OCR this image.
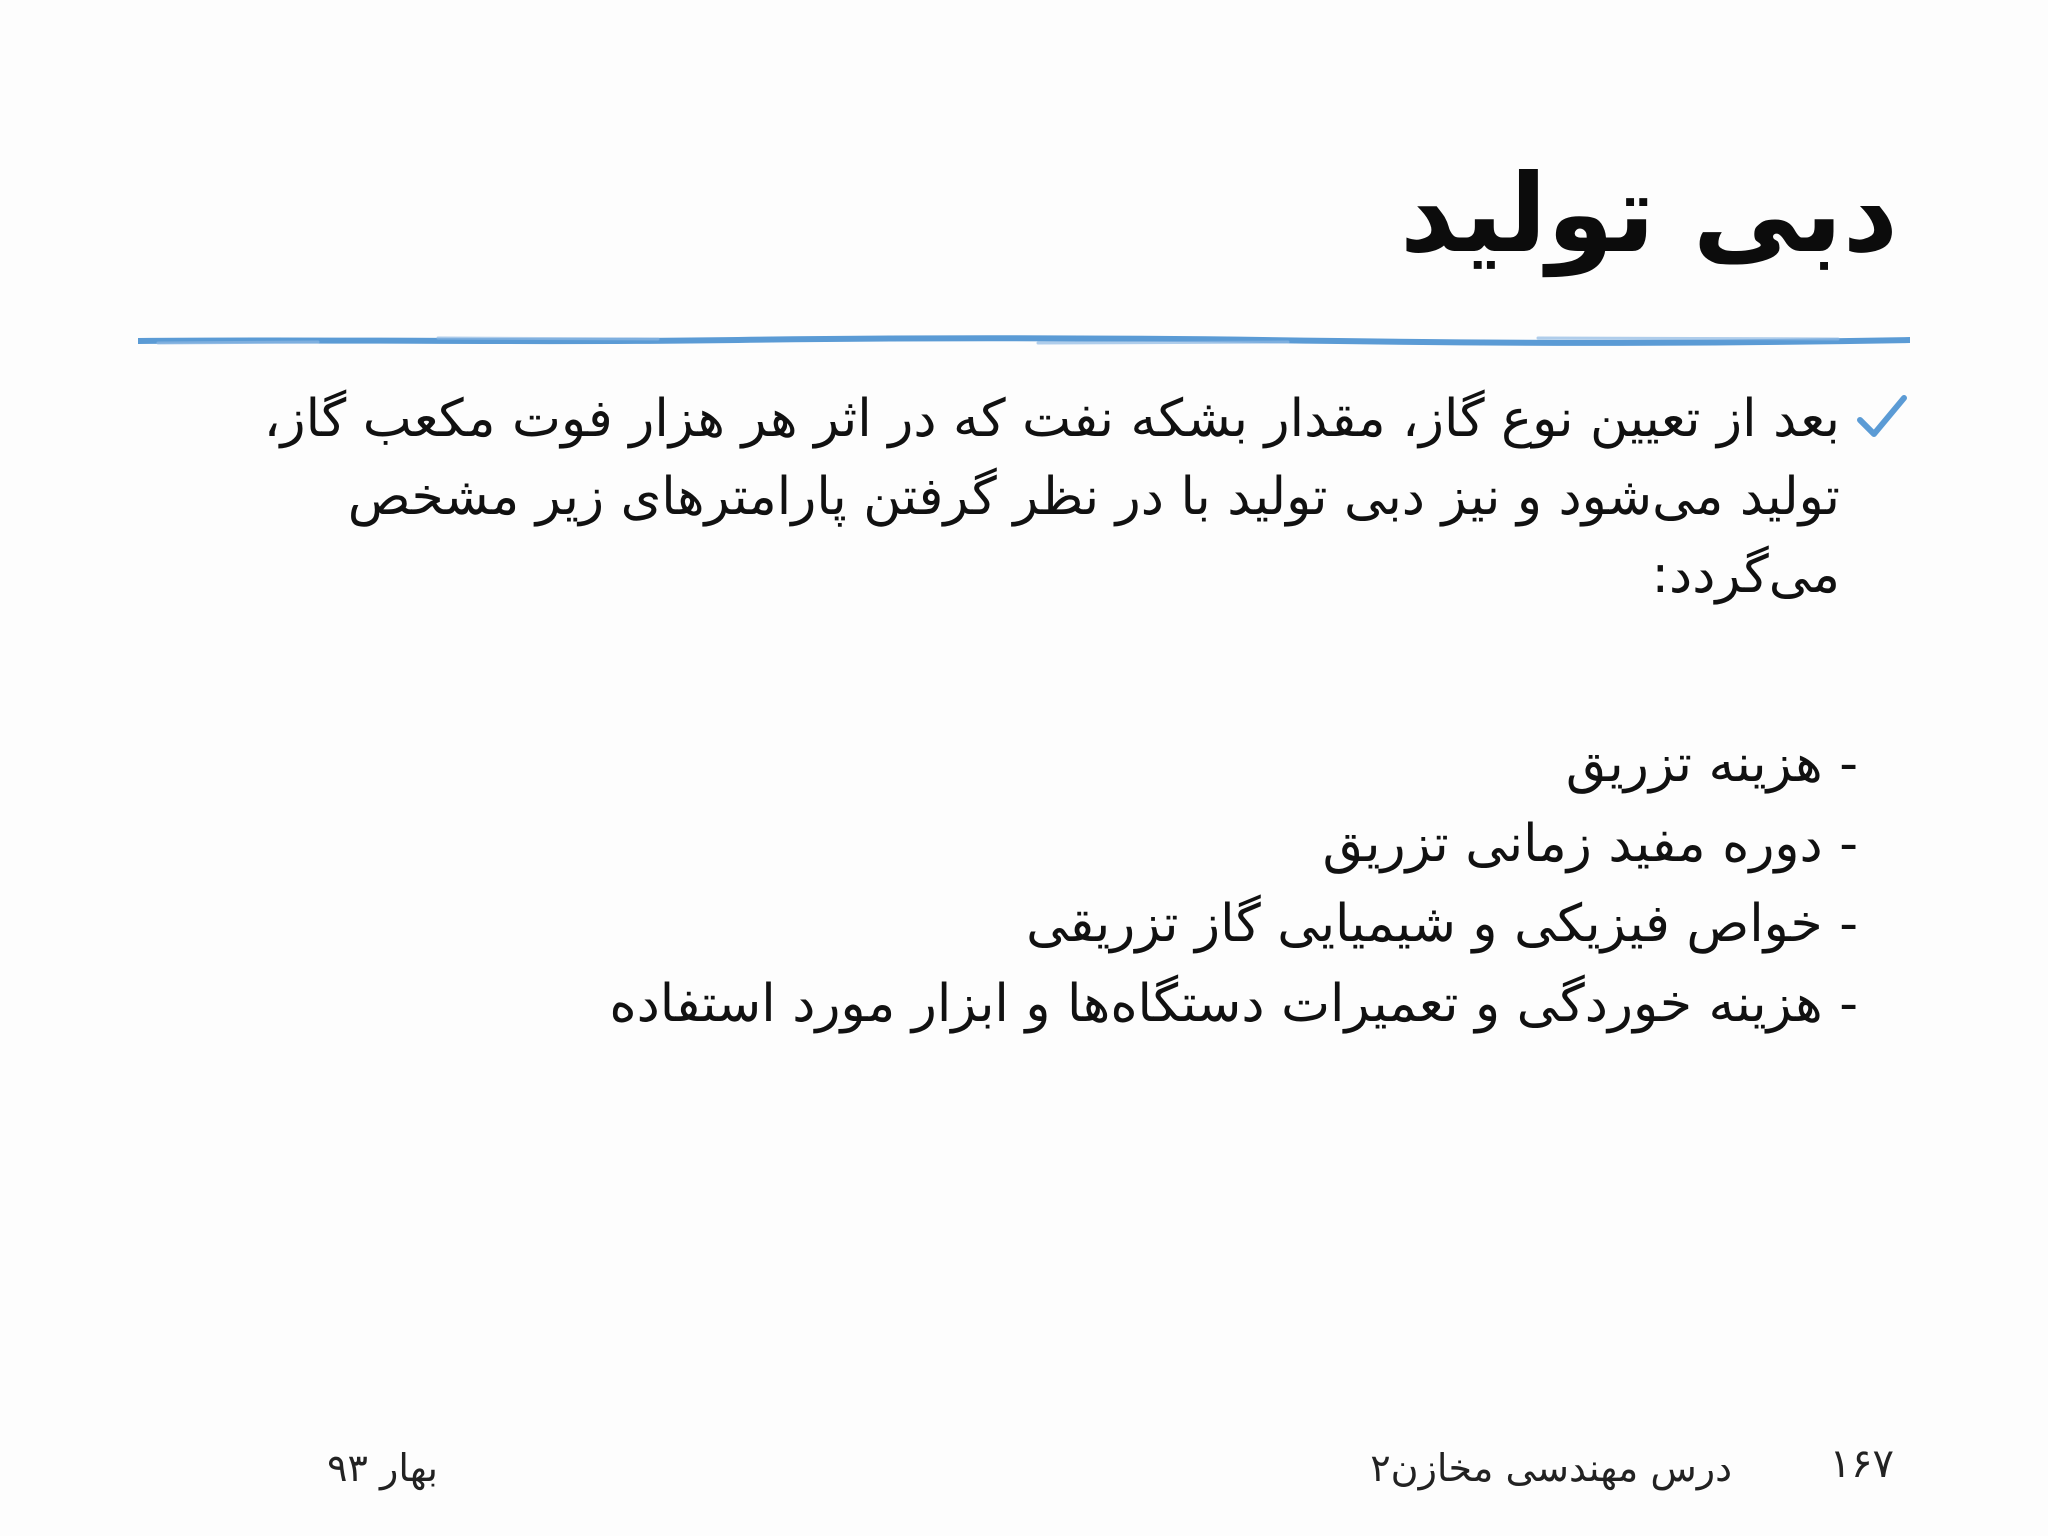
دبی تولید
بعد از تعیین نوع گاز، مقدار بشکه نفت که در اثر هر هزار فوت مکعب گاز، تولید می‌شود و نیز دبی تولید با در نظر گرفتن پارامترهای زیر مشخص می‌گردد:
- هزینه تزریق
- دوره مفید زمانی تزریق
- خواص فیزیکی و شیمیایی گاز تزریقی
- هزینه خوردگی و تعمیرات دستگاه‌ها و ابزار مورد استفاده
۱۶۷
درس مهندسی مخازن۲
بهار ۹۳
